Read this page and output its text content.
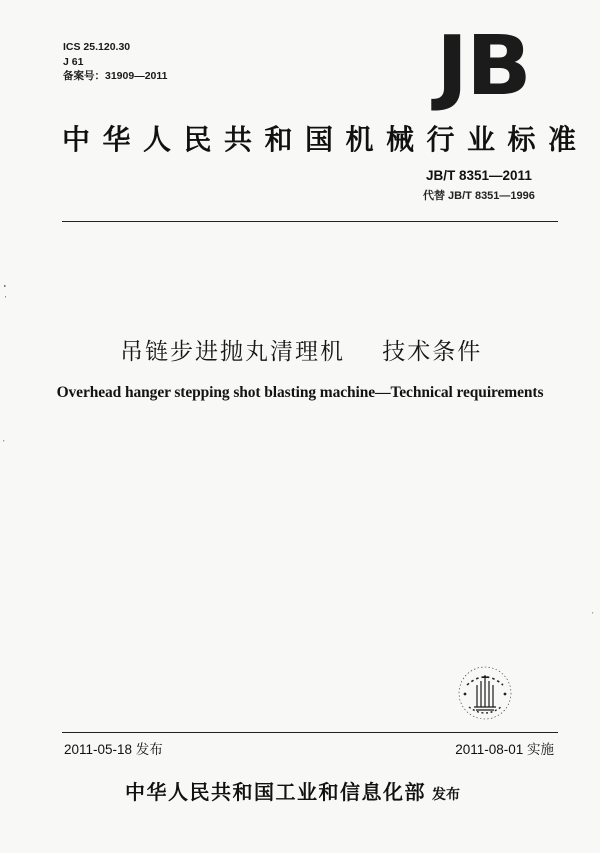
ICS 25.120.30
J 61
备案号：31909—2011	JB
中华人民共和国机械行业标准
JB/T 8351—2011
代替 JB/T 8351—1996
吊链步进抛丸清理机    技术条件
Overhead hanger stepping shot blasting machine—Technical requirements
2011-05-18 发布	2011-08-01 实施
中华人民共和国工业和信息化部 发布
